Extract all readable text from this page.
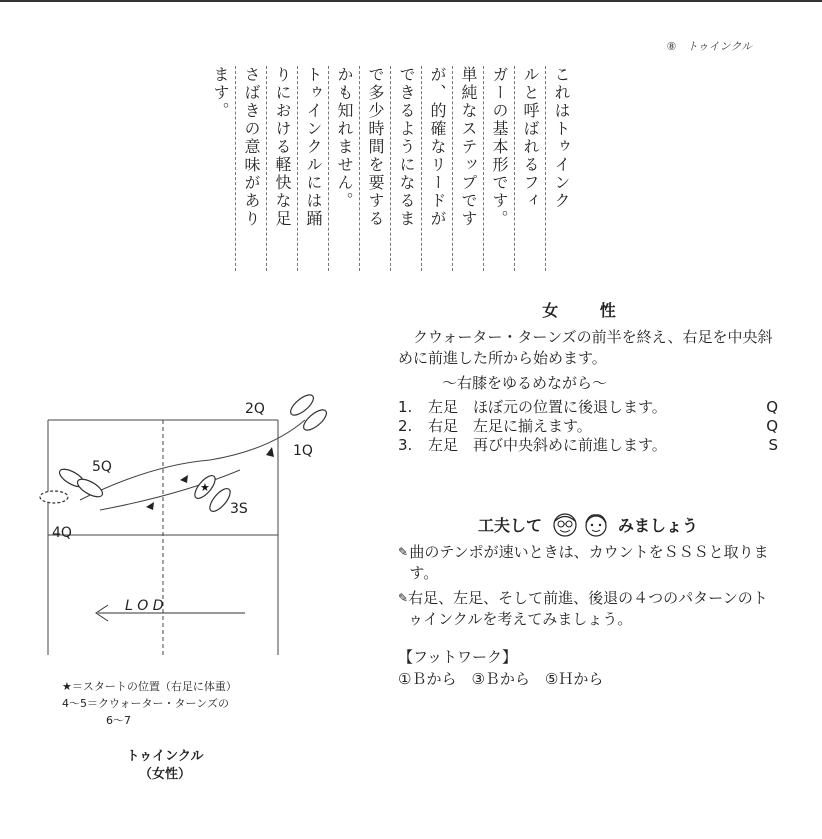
⑧ トゥインクル
これはトゥインク
ルと呼ばれるフィ
ガーの基本形です。
単純なステップです
が、的確なリードが
できるようになるま
で多少時間を要する
かも知れません。
トゥインクルには踊
りにおける軽快な足
さばきの意味があり
ます。
女 性

クウォーター・ターンズの前半を終え、右足を中央斜めに前進した所から始めます。

～右膝をゆるめながら～
1.	左足　ほぼ元の位置に後退します。	Q
2.	右足　左足に揃えます。	Q
3.	左足　再び中央斜めに前進します。	S
工夫して	みましょう
✎ 曲のテンポが速いときは、カウントをＳＳＳと取ります。
✎ 右足、左足、そして前進、後退の４つのパターンのトゥインクルを考えてみましょう。
【フットワーク】
①Ｂから　③Ｂから　⑤Ｈから
★
2Q
1Q
5Q
3S
4Q
L O D
★＝スタートの位置（右足に体重）
4～5＝クウォーター・ターンズの
6～7
トゥインクル
（女性）
